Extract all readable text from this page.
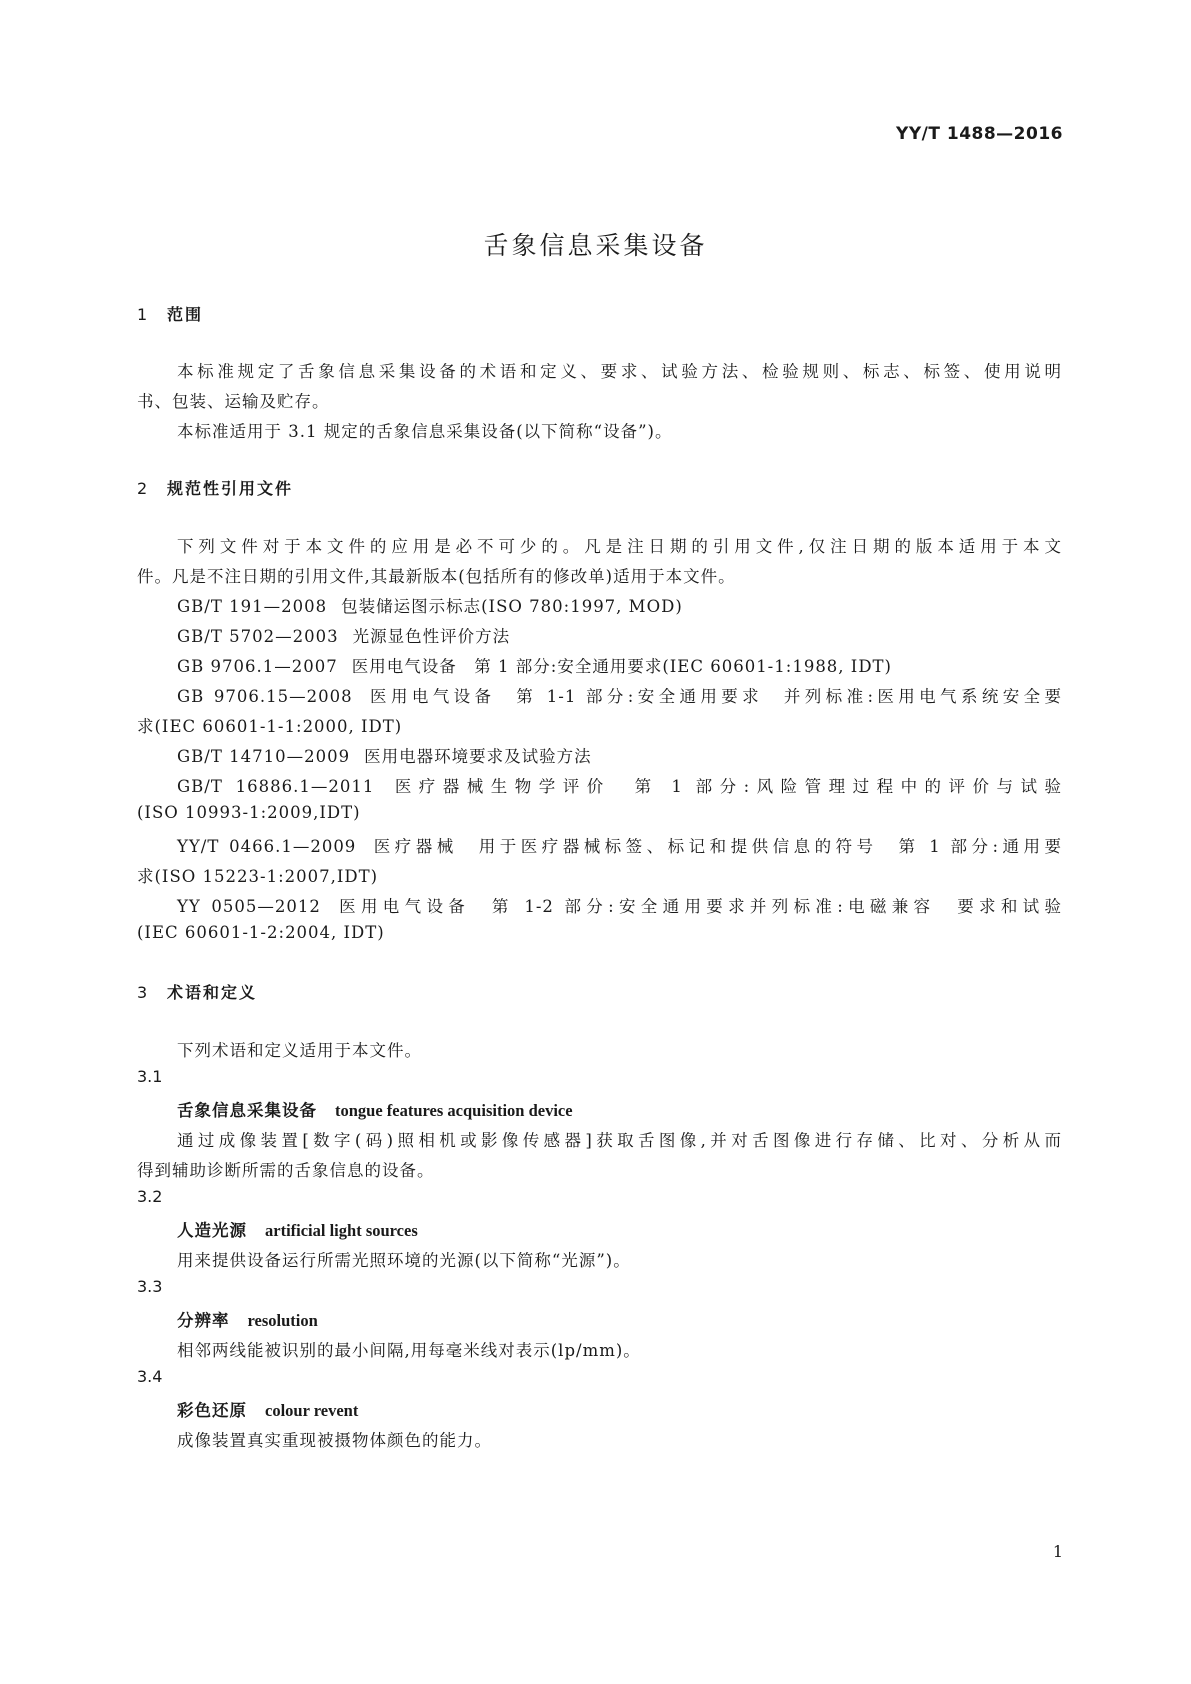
YY/T 1488—2016
舌象信息采集设备
1 范围
本标准规定了舌象信息采集设备的术语和定义、要求、试验方法、检验规则、标志、标签、使用说明
书、包装、运输及贮存。
本标准适用于 3.1 规定的舌象信息采集设备(以下简称“设备”)。
2 规范性引用文件
下列文件对于本文件的应用是必不可少的。凡是注日期的引用文件,仅注日期的版本适用于本文
件。凡是不注日期的引用文件,其最新版本(包括所有的修改单)适用于本文件。
GB/T 191—2008 包装储运图示标志(ISO 780:1997, MOD)
GB/T 5702—2003 光源显色性评价方法
GB 9706.1—2007 医用电气设备　第 1 部分:安全通用要求(IEC 60601-1:1988, IDT)
GB 9706.15—2008 医用电气设备　第 1-1 部分:安全通用要求　并列标准:医用电气系统安全要
求(IEC 60601-1-1:2000, IDT)
GB/T 14710—2009 医用电器环境要求及试验方法
GB/T 16886.1—2011 医疗器械生物学评价　第 1 部分:风险管理过程中的评价与试验
(ISO 10993-1:2009,IDT)
YY/T 0466.1—2009 医疗器械　用于医疗器械标签、标记和提供信息的符号　第 1 部分:通用要
求(ISO 15223-1:2007,IDT)
YY 0505—2012 医用电气设备　第 1-2 部分:安全通用要求并列标准:电磁兼容　要求和试验
(IEC 60601-1-2:2004, IDT)
3 术语和定义
下列术语和定义适用于本文件。
3.1
舌象信息采集设备 tongue features acquisition device
通过成像装置[数字(码)照相机或影像传感器]获取舌图像,并对舌图像进行存储、比对、分析从而
得到辅助诊断所需的舌象信息的设备。
3.2
人造光源 artificial light sources
用来提供设备运行所需光照环境的光源(以下简称“光源”)。
3.3
分辨率 resolution
相邻两线能被识别的最小间隔,用每毫米线对表示(lp/mm)。
3.4
彩色还原 colour revent
成像装置真实重现被摄物体颜色的能力。
1
